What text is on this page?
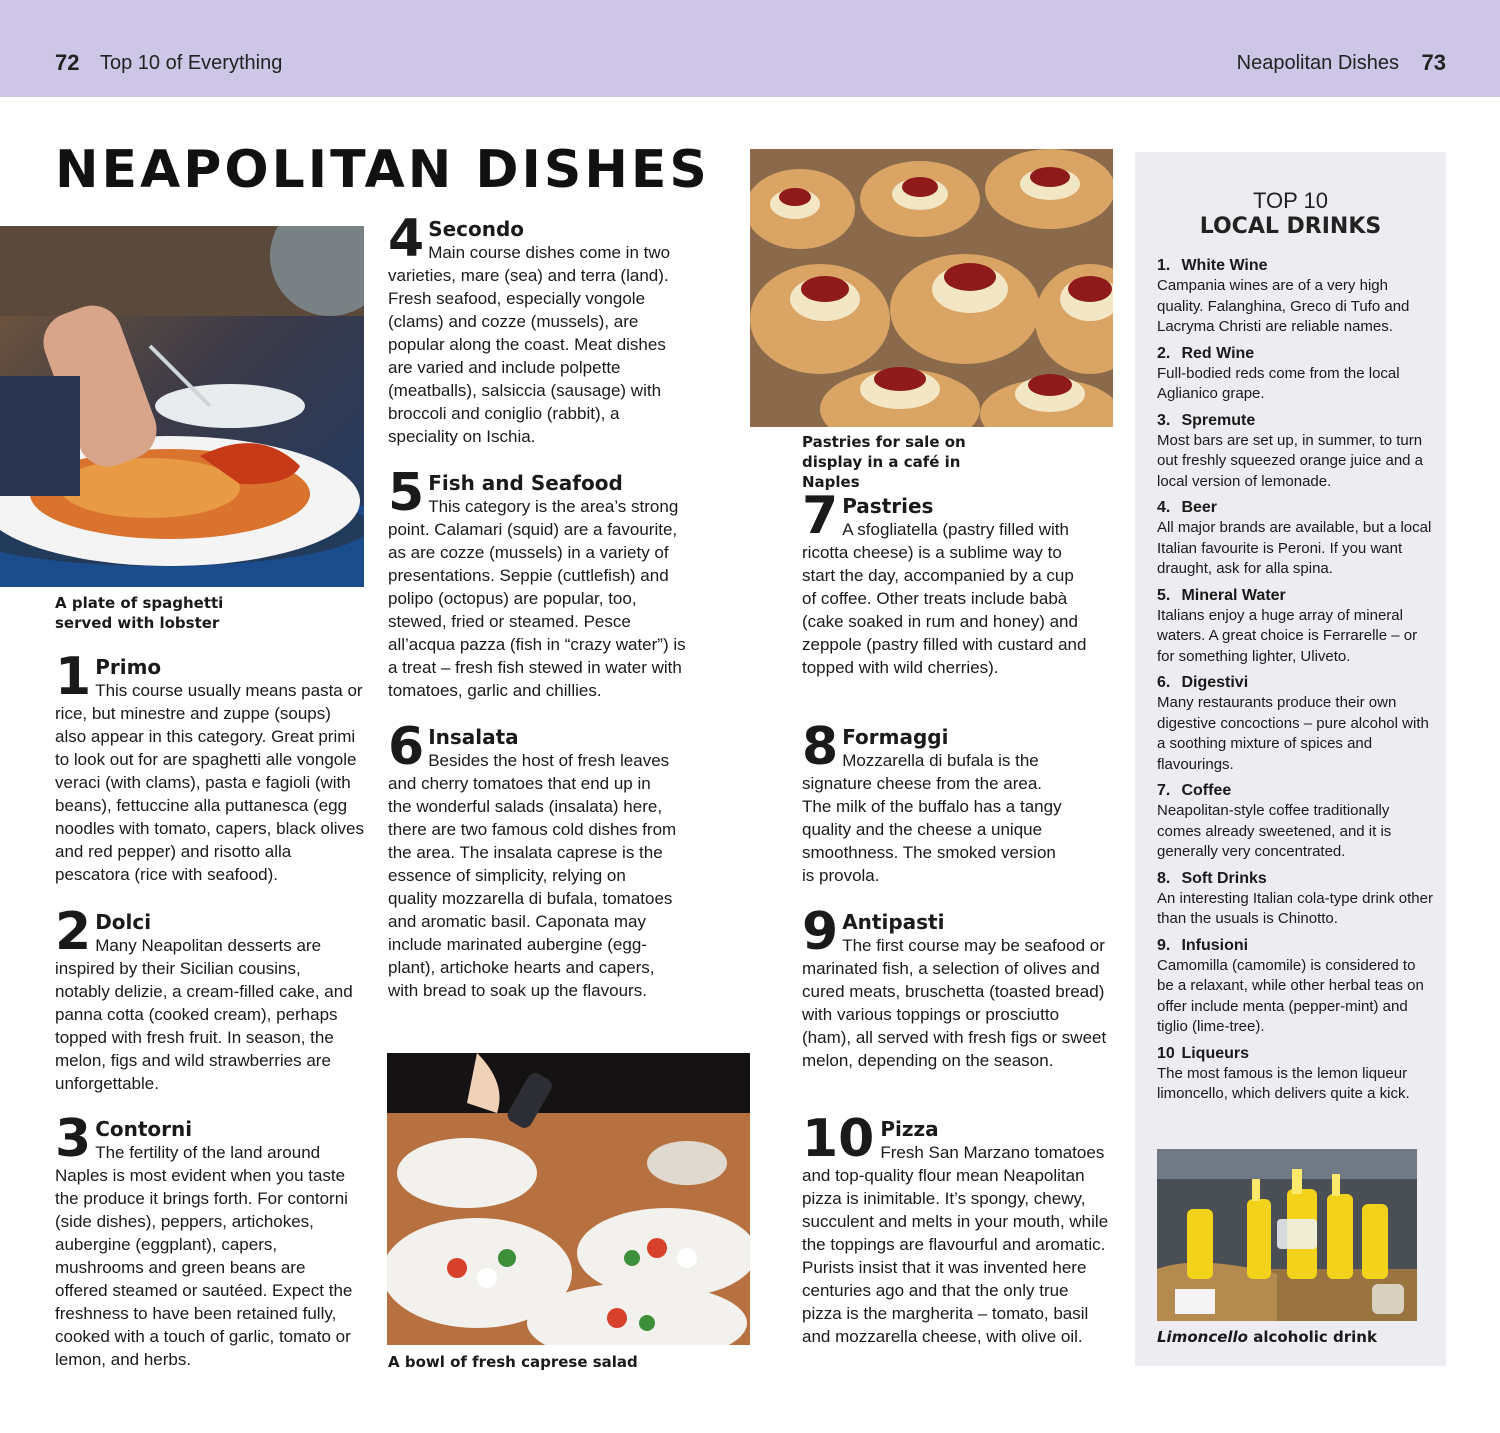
72 Top 10 of Everything	Neapolitan Dishes 73
NEAPOLITAN DISHES
A plate of spaghetti served with lobster
1 Primo
This course usually means pasta or rice, but minestre and zuppe (soups) also appear in this category. Great primi to look out for are spaghetti alle vongole veraci (with clams), pasta e fagioli (with beans), fettuccine alla puttanesca (egg noodles with tomato, capers, black olives and red pepper) and risotto alla pescatora (rice with seafood).
2 Dolci
Many Neapolitan desserts are inspired by their Sicilian cousins, notably delizie, a cream-filled cake, and panna cotta (cooked cream), perhaps topped with fresh fruit. In season, the melon, figs and wild strawberries are unforgettable.
3 Contorni
The fertility of the land around Naples is most evident when you taste the produce it brings forth. For contorni (side dishes), peppers, artichokes, aubergine (eggplant), capers, mushrooms and green beans are offered steamed or sautéed. Expect the freshness to have been retained fully, cooked with a touch of garlic, tomato or lemon, and herbs.
4 Secondo
Main course dishes come in two varieties, mare (sea) and terra (land). Fresh seafood, especially vongole (clams) and cozze (mussels), are popular along the coast. Meat dishes are varied and include polpette (meatballs), salsiccia (sausage) with broccoli and coniglio (rabbit), a speciality on Ischia.
5 Fish and Seafood
This category is the area’s strong point. Calamari (squid) are a favourite, as are cozze (mussels) in a variety of presentations. Seppie (cuttlefish) and polipo (octopus) are popular, too, stewed, fried or steamed. Pesce all’acqua pazza (fish in “crazy water”) is a treat – fresh fish stewed in water with tomatoes, garlic and chillies.
6 Insalata
Besides the host of fresh leaves and cherry tomatoes that end up in the wonderful salads (insalata) here, there are two famous cold dishes from the area. The insalata caprese is the essence of simplicity, relying on quality mozzarella di bufala, tomatoes and aromatic basil. Caponata may include marinated aubergine (egg-plant), artichoke hearts and capers, with bread to soak up the flavours.
A bowl of fresh caprese salad
Pastries for sale on display in a café in Naples
7 Pastries
A sfogliatella (pastry filled with ricotta cheese) is a sublime way to start the day, accompanied by a cup of coffee. Other treats include babà (cake soaked in rum and honey) and zeppole (pastry filled with custard and topped with wild cherries).
8 Formaggi
Mozzarella di bufala is the signature cheese from the area. The milk of the buffalo has a tangy quality and the cheese a unique smoothness. The smoked version is provola.
9 Antipasti
The first course may be seafood or marinated fish, a selection of olives and cured meats, bruschetta (toasted bread) with various toppings or prosciutto (ham), all served with fresh figs or sweet melon, depending on the season.
10 Pizza
Fresh San Marzano tomatoes and top-quality flour mean Neapolitan pizza is inimitable. It’s spongy, chewy, succulent and melts in your mouth, while the toppings are flavourful and aromatic. Purists insist that it was invented here centuries ago and that the only true pizza is the margherita – tomato, basil and mozzarella cheese, with olive oil.
TOP 10
LOCAL DRINKS
1. White Wine
Campania wines are of a very high quality. Falanghina, Greco di Tufo and Lacryma Christi are reliable names.
2. Red Wine
Full-bodied reds come from the local Aglianico grape.
3. Spremute
Most bars are set up, in summer, to turn out freshly squeezed orange juice and a local version of lemonade.
4. Beer
All major brands are available, but a local Italian favourite is Peroni. If you want draught, ask for alla spina.
5. Mineral Water
Italians enjoy a huge array of mineral waters. A great choice is Ferrarelle – or for something lighter, Uliveto.
6. Digestivi
Many restaurants produce their own digestive concoctions – pure alcohol with a soothing mixture of spices and flavourings.
7. Coffee
Neapolitan-style coffee traditionally comes already sweetened, and it is generally very concentrated.
8. Soft Drinks
An interesting Italian cola-type drink other than the usuals is Chinotto.
9. Infusioni
Camomilla (camomile) is considered to be a relaxant, while other herbal teas on offer include menta (pepper-mint) and tiglio (lime-tree).
10 Liqueurs
The most famous is the lemon liqueur limoncello, which delivers quite a kick.
Limoncello alcoholic drink
